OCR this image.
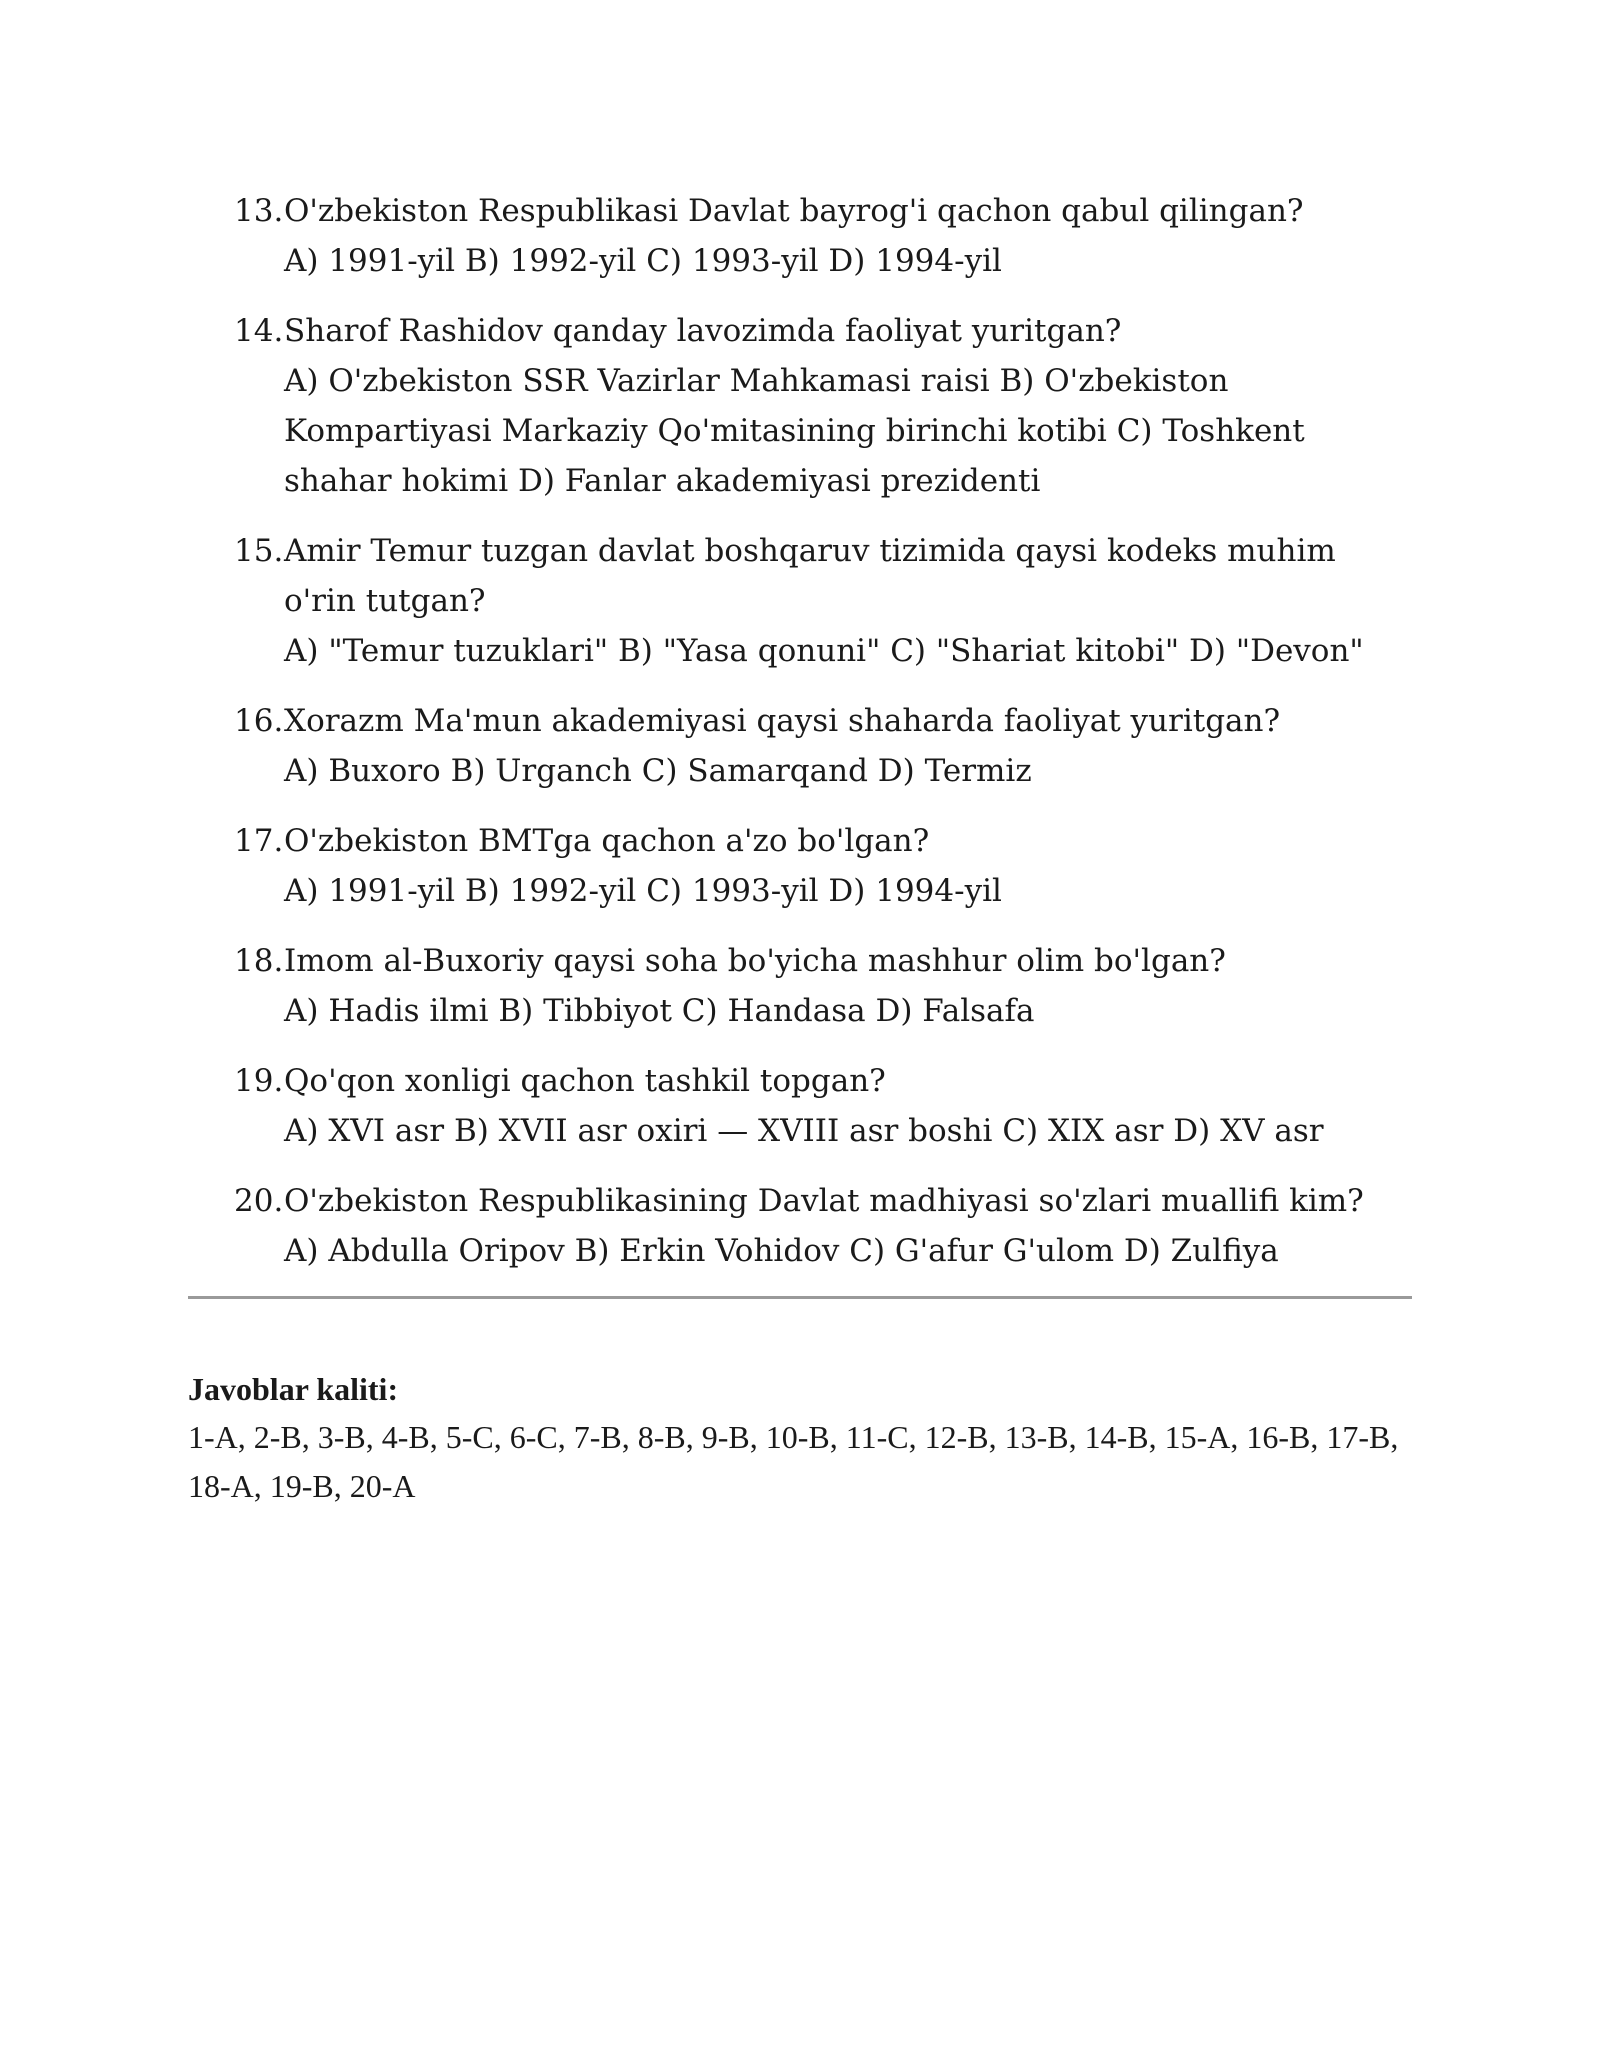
13. O'zbekiston Respublikasi Davlat bayrog'i qachon qabul qilingan?
A) 1991-yil B) 1992-yil C) 1993-yil D) 1994-yil
14. Sharof Rashidov qanday lavozimda faoliyat yuritgan?
A) O'zbekiston SSR Vazirlar Mahkamasi raisi B) O'zbekiston Kompartiyasi Markaziy Qo'mitasining birinchi kotibi C) Toshkent shahar hokimi D) Fanlar akademiyasi prezidenti
15. Amir Temur tuzgan davlat boshqaruv tizimida qaysi kodeks muhim o'rin tutgan?
A) "Temur tuzuklari" B) "Yasa qonuni" C) "Shariat kitobi" D) "Devon"
16. Xorazm Ma'mun akademiyasi qaysi shaharda faoliyat yuritgan?
A) Buxoro B) Urganch C) Samarqand D) Termiz
17. O'zbekiston BMTga qachon a'zo bo'lgan?
A) 1991-yil B) 1992-yil C) 1993-yil D) 1994-yil
18. Imom al-Buxoriy qaysi soha bo'yicha mashhur olim bo'lgan?
A) Hadis ilmi B) Tibbiyot C) Handasa D) Falsafa
19. Qo'qon xonligi qachon tashkil topgan?
A) XVI asr B) XVII asr oxiri — XVIII asr boshi C) XIX asr D) XV asr
20. O'zbekiston Respublikasining Davlat madhiyasi so'zlari muallifi kim?
A) Abdulla Oripov B) Erkin Vohidov C) G'afur G'ulom D) Zulfiya
Javoblar kaliti:
1-A, 2-B, 3-B, 4-B, 5-C, 6-C, 7-B, 8-B, 9-B, 10-B, 11-C, 12-B, 13-B, 14-B, 15-A, 16-B, 17-B, 18-A, 19-B, 20-A
